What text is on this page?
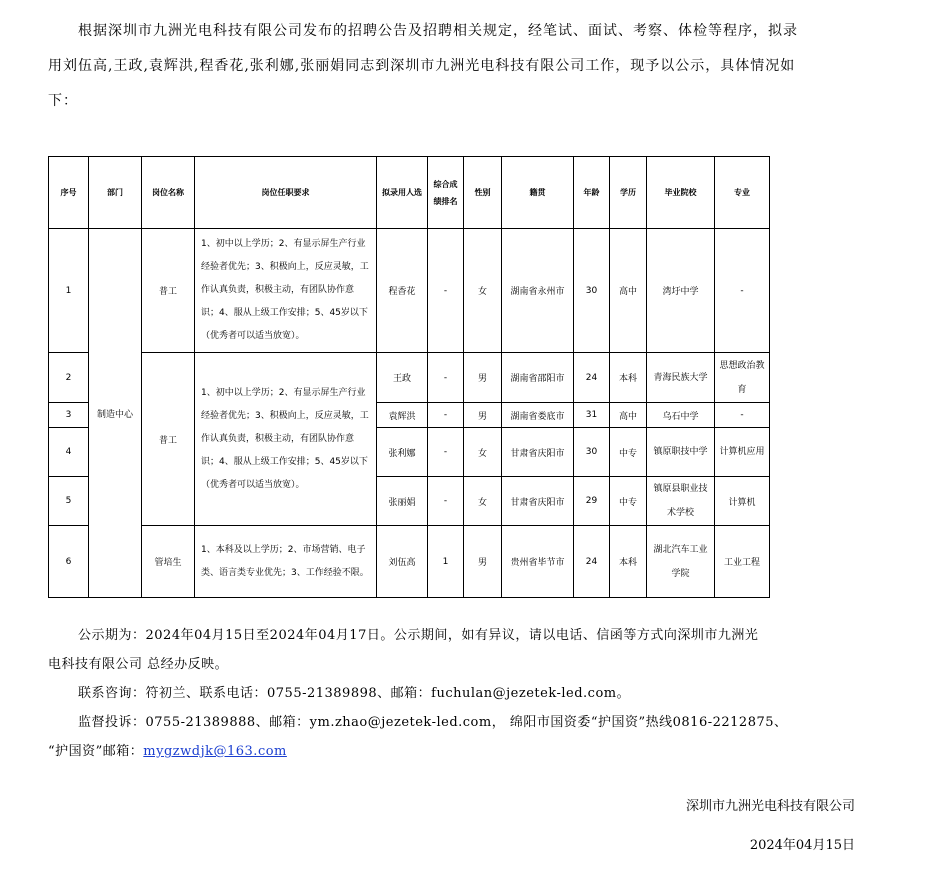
根据深圳市九洲光电科技有限公司发布的招聘公告及招聘相关规定，经笔试、面试、考察、体检等程序，拟录
用刘伍高,王政,袁辉洪,程香花,张利娜,张丽娟同志到深圳市九洲光电科技有限公司工作，现予以公示，具体情况如
下：
序号	部门	岗位名称	岗位任职要求	拟录用人选	综合成绩排名	性别	籍贯	年龄	学历	毕业院校	专业
1	制造中心	普工	1、初中以上学历；2、有显示屏生产行业经验者优先；3、积极向上，反应灵敏，工作认真负责，积极主动，有团队协作意识；4、服从上级工作安排；5、45岁以下（优秀者可以适当放宽）。	程香花	-	女	湖南省永州市	30	高中	湾圩中学	-
2		普工	1、初中以上学历；2、有显示屏生产行业经验者优先；3、积极向上，反应灵敏，工作认真负责，积极主动，有团队协作意识；4、服从上级工作安排；5、45岁以下（优秀者可以适当放宽）。	王政	-	男	湖南省邵阳市	24	本科	青海民族大学	思想政治教育
3				袁辉洪	-	男	湖南省娄底市	31	高中	乌石中学	-
4				张利娜	-	女	甘肃省庆阳市	30	中专	镇原职技中学	计算机应用
5				张丽娟	-	女	甘肃省庆阳市	29	中专	镇原县职业技术学校	计算机
6		管培生	1、本科及以上学历；2、市场营销、电子类、语言类专业优先；3、工作经验不限。	刘伍高	1	男	贵州省毕节市	24	本科	湖北汽车工业学院	工业工程
公示期为：2024年04月15日至2024年04月17日。公示期间，如有异议，请以电话、信函等方式向深圳市九洲光
电科技有限公司 总经办反映。
联系咨询：符初兰、联系电话：0755-21389898、邮箱：fuchulan@jezetek-led.com。
监督投诉：0755-21389888、邮箱：ym.zhao@jezetek-led.com， 绵阳市国资委“护国资”热线0816-2212875、
“护国资”邮箱：mygzwdjk@163.com
深圳市九洲光电科技有限公司
2024年04月15日
